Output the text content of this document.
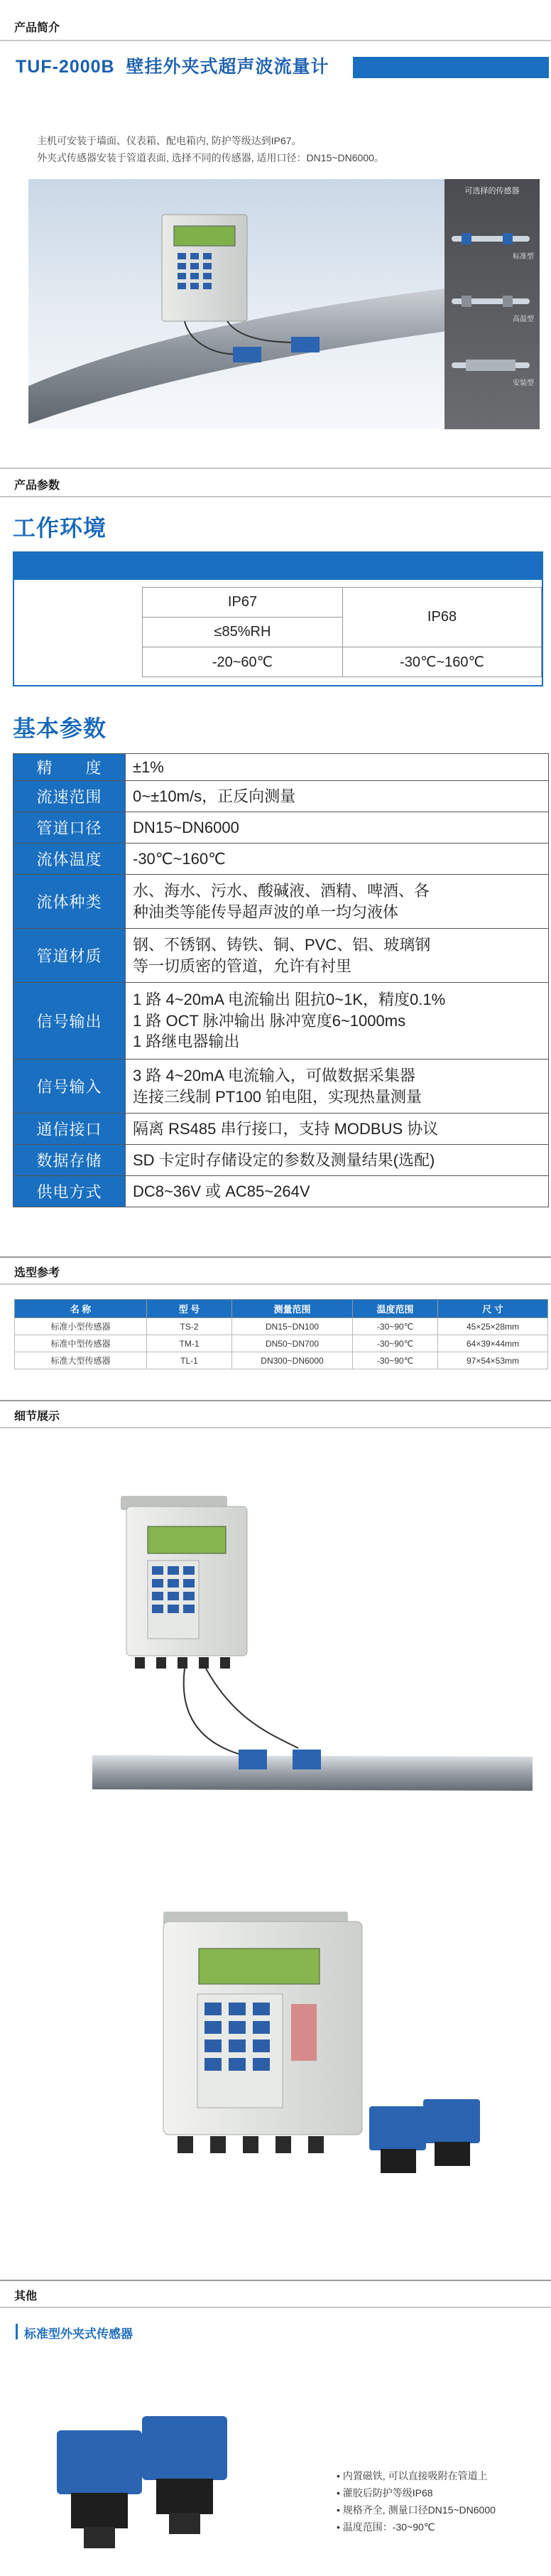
产品简介
TUF-2000B 壁挂外夹式超声波流量计
主机可安装于墙面、仪表箱、配电箱内, 防护等级达到IP67。
外夹式传感器安装于管道表面, 选择不同的传感器, 适用口径：DN15~DN6000。
可选择的传感器
标准型
高温型
安装型
产品参数
工作环境
IP67	IP68
≤85%RH	
-20~60℃	-30℃~160℃
基本参数
精　　度	±1%
流速范围	0~±10m/s，正反向测量
管道口径	DN15~DN6000
流体温度	-30℃~160℃
流体种类	水、海水、污水、酸碱液、酒精、啤酒、各
种油类等能传导超声波的单一均匀液体

管道材质	钢、不锈钢、铸铁、铜、PVC、铝、玻璃钢
等一切质密的管道，允许有衬里

信号输出	1 路 4~20mA 电流输出 阻抗0~1K，精度0.1%
1 路 OCT 脉冲输出 脉冲宽度6~1000ms
1 路继电器输出

信号输入	3 路 4~20mA 电流输入，可做数据采集器
连接三线制 PT100 铂电阻，实现热量测量

通信接口	隔离 RS485 串行接口，支持 MODBUS 协议
数据存储	SD 卡定时存储设定的参数及测量结果(选配)
供电方式	DC8~36V 或 AC85~264V
选型参考
名 称	型 号	测量范围	温度范围	尺 寸
标准小型传感器	TS-2	DN15~DN100	-30~90℃	45×25×28mm
标准中型传感器	TM-1	DN50~DN700	-30~90℃	64×39×44mm
标准大型传感器	TL-1	DN300~DN6000	-30~90℃	97×54×53mm
细节展示
其他
标准型外夹式传感器
• 内置磁铁, 可以直接吸附在管道上
• 灌胶后防护等级IP68
• 规格齐全, 测量口径DN15~DN6000
• 温度范围：-30~90℃
